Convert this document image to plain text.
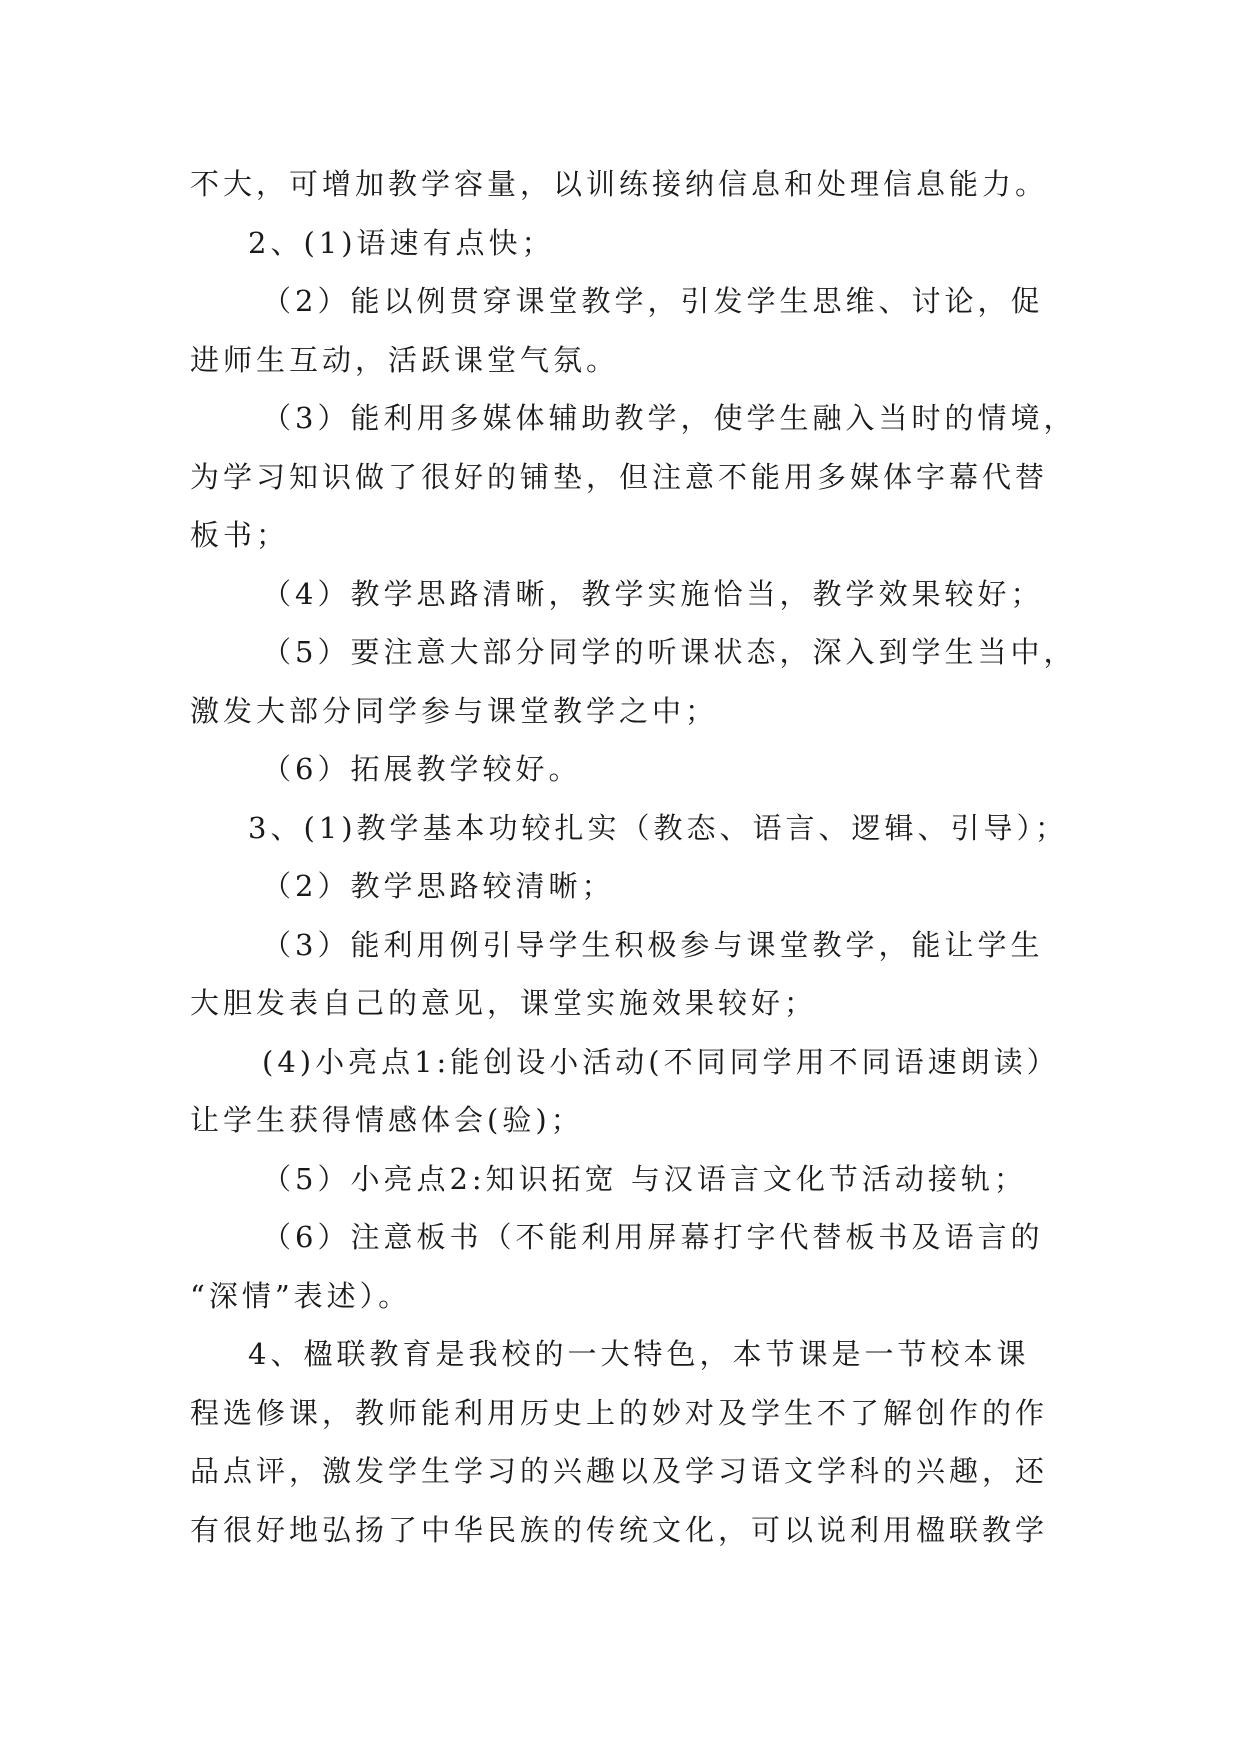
不大，可增加教学容量，以训练接纳信息和处理信息能力。
2、(1)语速有点快；
（2）能以例贯穿课堂教学，引发学生思维、讨论，促
进师生互动，活跃课堂气氛。
（3）能利用多媒体辅助教学，使学生融入当时的情境，
为学习知识做了很好的铺垫，但注意不能用多媒体字幕代替
板书；
（4）教学思路清晰，教学实施恰当，教学效果较好；
（5）要注意大部分同学的听课状态，深入到学生当中，
激发大部分同学参与课堂教学之中；
（6）拓展教学较好。
3、(1)教学基本功较扎实（教态、语言、逻辑、引导）；
（2）教学思路较清晰；
（3）能利用例引导学生积极参与课堂教学，能让学生
大胆发表自己的意见，课堂实施效果较好；
(4)小亮点1:能创设小活动(不同同学用不同语速朗读）
让学生获得情感体会(验)；
（5）小亮点2:知识拓宽 与汉语言文化节活动接轨；
（6）注意板书（不能利用屏幕打字代替板书及语言的
“深情”表述）。
4、楹联教育是我校的一大特色，本节课是一节校本课
程选修课，教师能利用历史上的妙对及学生不了解创作的作
品点评，激发学生学习的兴趣以及学习语文学科的兴趣，还
有很好地弘扬了中华民族的传统文化，可以说利用楹联教学
